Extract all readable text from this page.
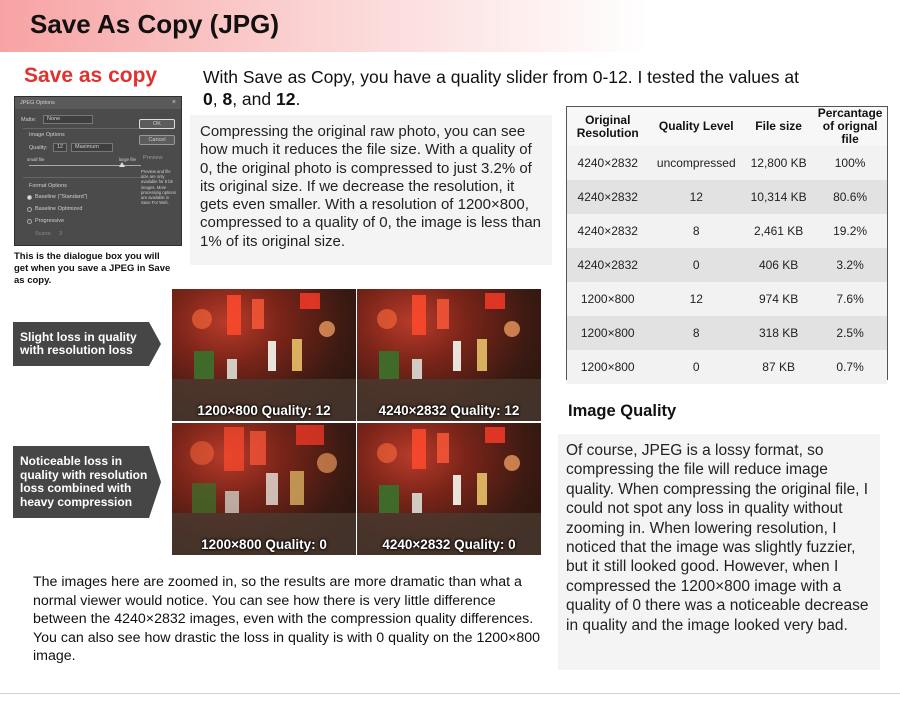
Save As Copy (JPG)
Save as copy	With Save as Copy, you have a quality slider from 0-12. I tested the values at
0, 8, and 12.
JPEG Options	×
Matte:	None
Image Options
Quality:	12	Maximum
small file	large file
Format Options
Baseline ("Standard")
Baseline Optimized
Progressive
Scans: 3
OK
Cancel
Preview
Preview and file size are only available for 8 bit images. More processing options are available in Save For Web.
This is the dialogue box you will get when you save a JPEG in Save as copy.

Compressing the original raw photo, you can see how much it reduces the file size. With a quality of 0, the original photo is compressed to just 3.2% of its original size. If we decrease the resolution, it gets even smaller. With a resolution of 1200×800, compressed to a quality of 0, the image is less than 1% of its original size.

Original Resolution	Quality Level	File size	Percantage of orignal file
4240×2832	uncompressed	12,800 KB	100%
4240×2832	12	10,314 KB	80.6%
4240×2832	8	2,461 KB	19.2%
4240×2832	0	406 KB	3.2%
1200×800	12	974 KB	7.6%
1200×800	8	318 KB	2.5%
1200×800	0	87 KB	0.7%
Slight loss in quality with resolution loss
Noticeable loss in quality with resolution loss combined with heavy compression
1200×800 Quality: 12	4240×2832 Quality: 12
1200×800 Quality: 0	4240×2832 Quality: 0

The images here are zoomed in, so the results are more dramatic than what a normal viewer would notice. You can see how there is very little difference between the 4240×2832 images, even with the compression quality differences. You can also see how drastic the loss in quality is with 0 quality on the 1200×800 image.

Image Quality

Of course, JPEG is a lossy format, so compressing the file will reduce image quality. When compressing the original file, I could not spot any loss in quality without zooming in. When lowering resolution, I noticed that the image was slightly fuzzier, but it still looked good. However, when I compressed the 1200×800 image with a quality of 0 there was a noticeable decrease in quality and the image looked very bad.
